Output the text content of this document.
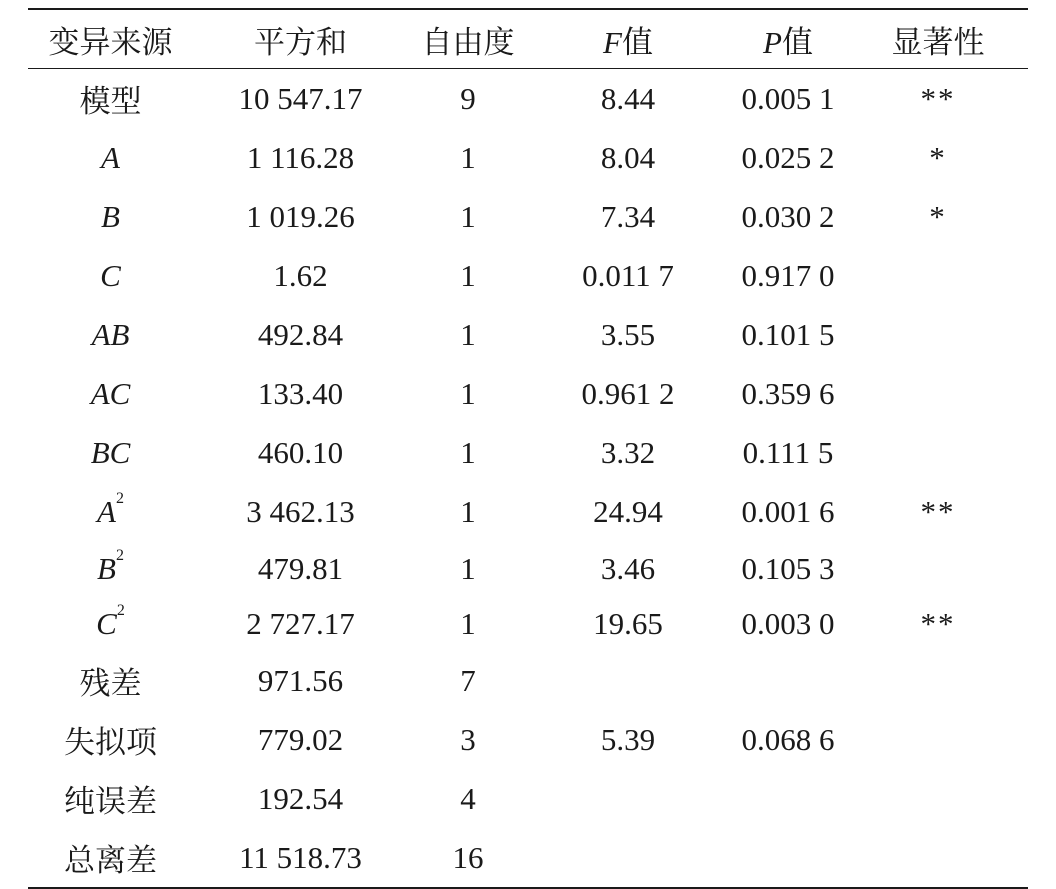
变异来源	平方和	自由度	F值	P值	显著性
模型	10 547.17	9	8.44	0.005 1	**
A	1 116.28	1	8.04	0.025 2	*
B	1 019.26	1	7.34	0.030 2	*
C	1.62	1	0.011 7	0.917 0	
AB	492.84	1	3.55	0.101 5	
AC	133.40	1	0.961 2	0.359 6	
BC	460.10	1	3.32	0.111 5	
$A^2$	3 462.13	1	24.94	0.001 6	**
$B^2$	479.81	1	3.46	0.105 3	
$C^2$	2 727.17	1	19.65	0.003 0	**
残差	971.56	7			
失拟项	779.02	3	5.39	0.068 6	
纯误差	192.54	4			
总离差	11 518.73	16			
